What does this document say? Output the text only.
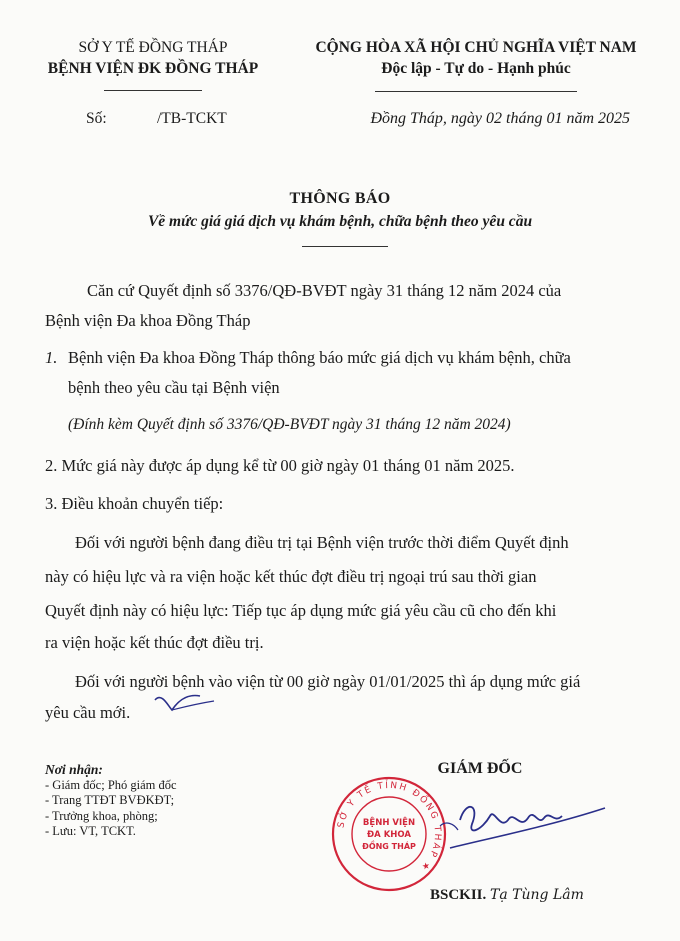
SỞ Y TẾ ĐỒNG THÁP
BỆNH VIỆN ĐK ĐỒNG THÁP
CỘNG HÒA XÃ HỘI CHỦ NGHĨA VIỆT NAM
Độc lập - Tự do - Hạnh phúc
Số:	/TB-TCKT	Đồng Tháp, ngày 02 tháng 01 năm 2025
THÔNG BÁO
Về mức giá giá dịch vụ khám bệnh, chữa bệnh theo yêu cầu
Căn cứ Quyết định số 3376/QĐ-BVĐT ngày 31 tháng 12 năm 2024 của
Bệnh viện Đa khoa Đồng Tháp
1. Bệnh viện Đa khoa Đồng Tháp thông báo mức giá dịch vụ khám bệnh, chữa
bệnh theo yêu cầu tại Bệnh viện
(Đính kèm Quyết định số 3376/QĐ-BVĐT ngày 31 tháng 12 năm 2024)
2. Mức giá này được áp dụng kể từ 00 giờ ngày 01 tháng 01 năm 2025.
3. Điều khoản chuyển tiếp:
Đối với người bệnh đang điều trị tại Bệnh viện trước thời điểm Quyết định
này có hiệu lực và ra viện hoặc kết thúc đợt điều trị ngoại trú sau thời gian
Quyết định này có hiệu lực: Tiếp tục áp dụng mức giá yêu cầu cũ cho đến khi
ra viện hoặc kết thúc đợt điều trị.
Đối với người bệnh vào viện từ 00 giờ ngày 01/01/2025 thì áp dụng mức giá
yêu cầu mới.
Nơi nhận:
- Giám đốc; Phó giám đốc
- Trang TTĐT BVĐKĐT;
- Trưởng khoa, phòng;
- Lưu: VT, TCKT.
GIÁM ĐỐC
SỞ Y TẾ TỈNH ĐỒNG THÁP ★
BỆNH VIỆN
ĐA KHOA
ĐỒNG THÁP
BSCKII. Tạ Tùng Lâm
